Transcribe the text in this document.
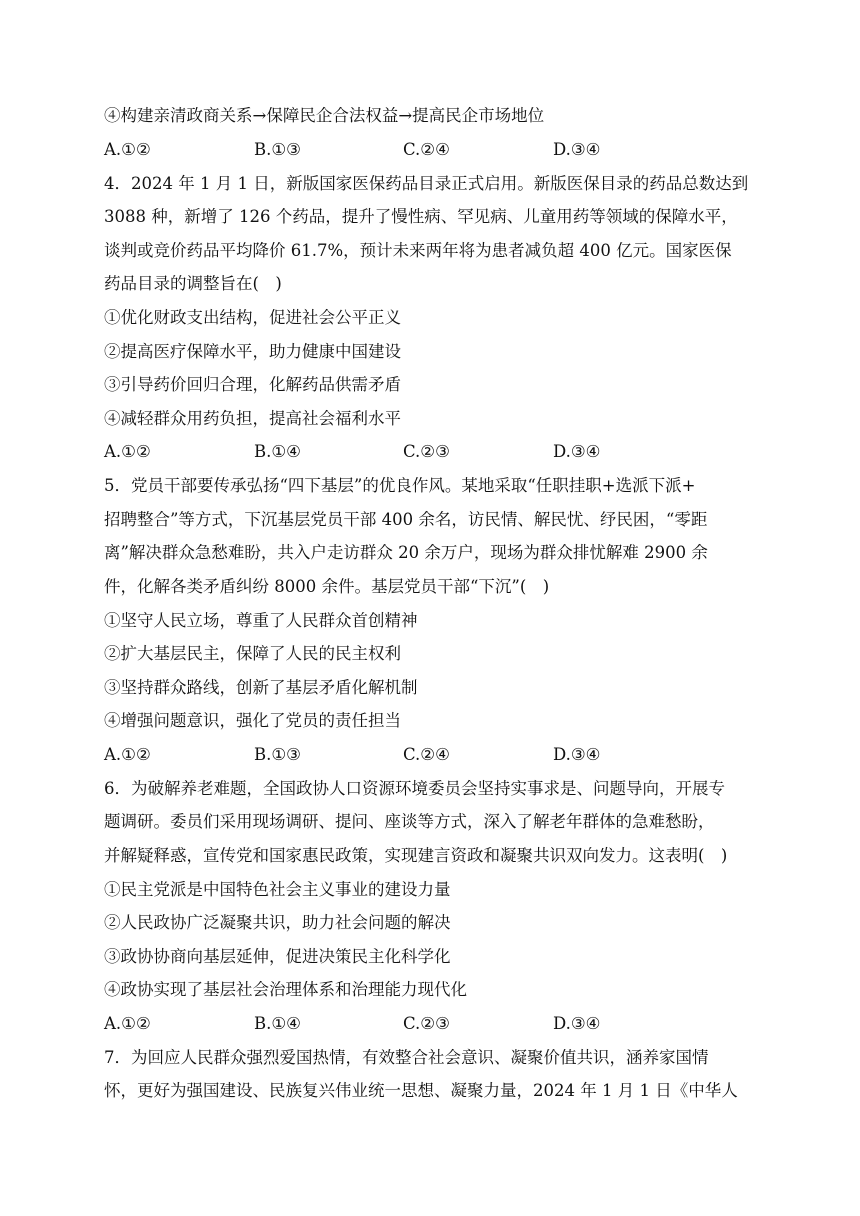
④构建亲清政商关系→保障民企合法权益→提高民企市场地位
A.①②	B.①③	C.②④	D.③④
4．2024 年 1 月 1 日，新版国家医保药品目录正式启用。新版医保目录的药品总数达到
3088 种，新增了 126 个药品，提升了慢性病、罕见病、儿童用药等领域的保障水平，
谈判或竞价药品平均降价 61.7%，预计未来两年将为患者减负超 400 亿元。国家医保
药品目录的调整旨在(　)
①优化财政支出结构，促进社会公平正义
②提高医疗保障水平，助力健康中国建设
③引导药价回归合理，化解药品供需矛盾
④减轻群众用药负担，提高社会福利水平
A.①②	B.①④	C.②③	D.③④
5．党员干部要传承弘扬“四下基层”的优良作风。某地采取“任职挂职+选派下派+
招聘整合”等方式，下沉基层党员干部 400 余名，访民情、解民忧、纾民困，“零距
离”解决群众急愁难盼，共入户走访群众 20 余万户，现场为群众排忧解难 2900 余
件，化解各类矛盾纠纷 8000 余件。基层党员干部“下沉”(　)
①坚守人民立场，尊重了人民群众首创精神
②扩大基层民主，保障了人民的民主权利
③坚持群众路线，创新了基层矛盾化解机制
④增强问题意识，强化了党员的责任担当
A.①②	B.①③	C.②④	D.③④
6．为破解养老难题，全国政协人口资源环境委员会坚持实事求是、问题导向，开展专
题调研。委员们采用现场调研、提问、座谈等方式，深入了解老年群体的急难愁盼，
并解疑释惑，宣传党和国家惠民政策，实现建言资政和凝聚共识双向发力。这表明(　)
①民主党派是中国特色社会主义事业的建设力量
②人民政协广泛凝聚共识，助力社会问题的解决
③政协协商向基层延伸，促进决策民主化科学化
④政协实现了基层社会治理体系和治理能力现代化
A.①②	B.①④	C.②③	D.③④
7．为回应人民群众强烈爱国热情，有效整合社会意识、凝聚价值共识，涵养家国情
怀，更好为强国建设、民族复兴伟业统一思想、凝聚力量，2024 年 1 月 1 日《中华人
